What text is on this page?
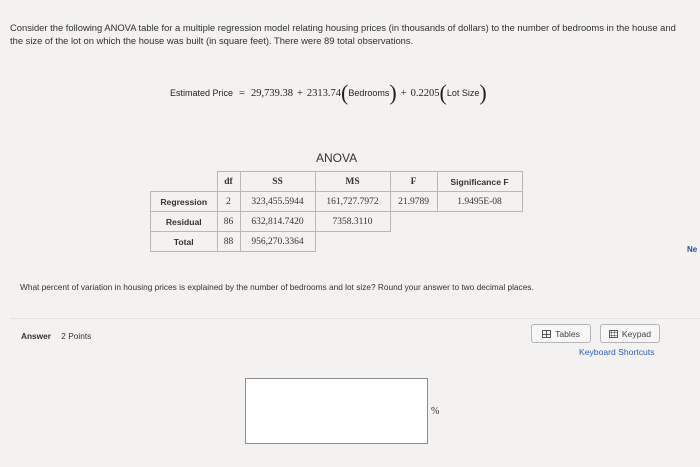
Consider the following ANOVA table for a multiple regression model relating housing prices (in thousands of dollars) to the number of bedrooms in the house and the size of the lot on which the house was built (in square feet). There were 89 total observations.
Estimated Price = 29,739.38 + 2313.74 ( Bedrooms ) + 0.2205 ( Lot Size )
ANOVA
	df	SS	MS	F	Significance F
Regression	2	323,455.5944	161,727.7972	21.9789	1.9495E-08
Residual	86	632,814.7420	7358.3110		
Total	88	956,270.3364			
What percent of variation in housing prices is explained by the number of bedrooms and lot size? Round your answer to two decimal places.
Answer 2 Points	Tables	Keypad
Keyboard Shortcuts
%
Ne
